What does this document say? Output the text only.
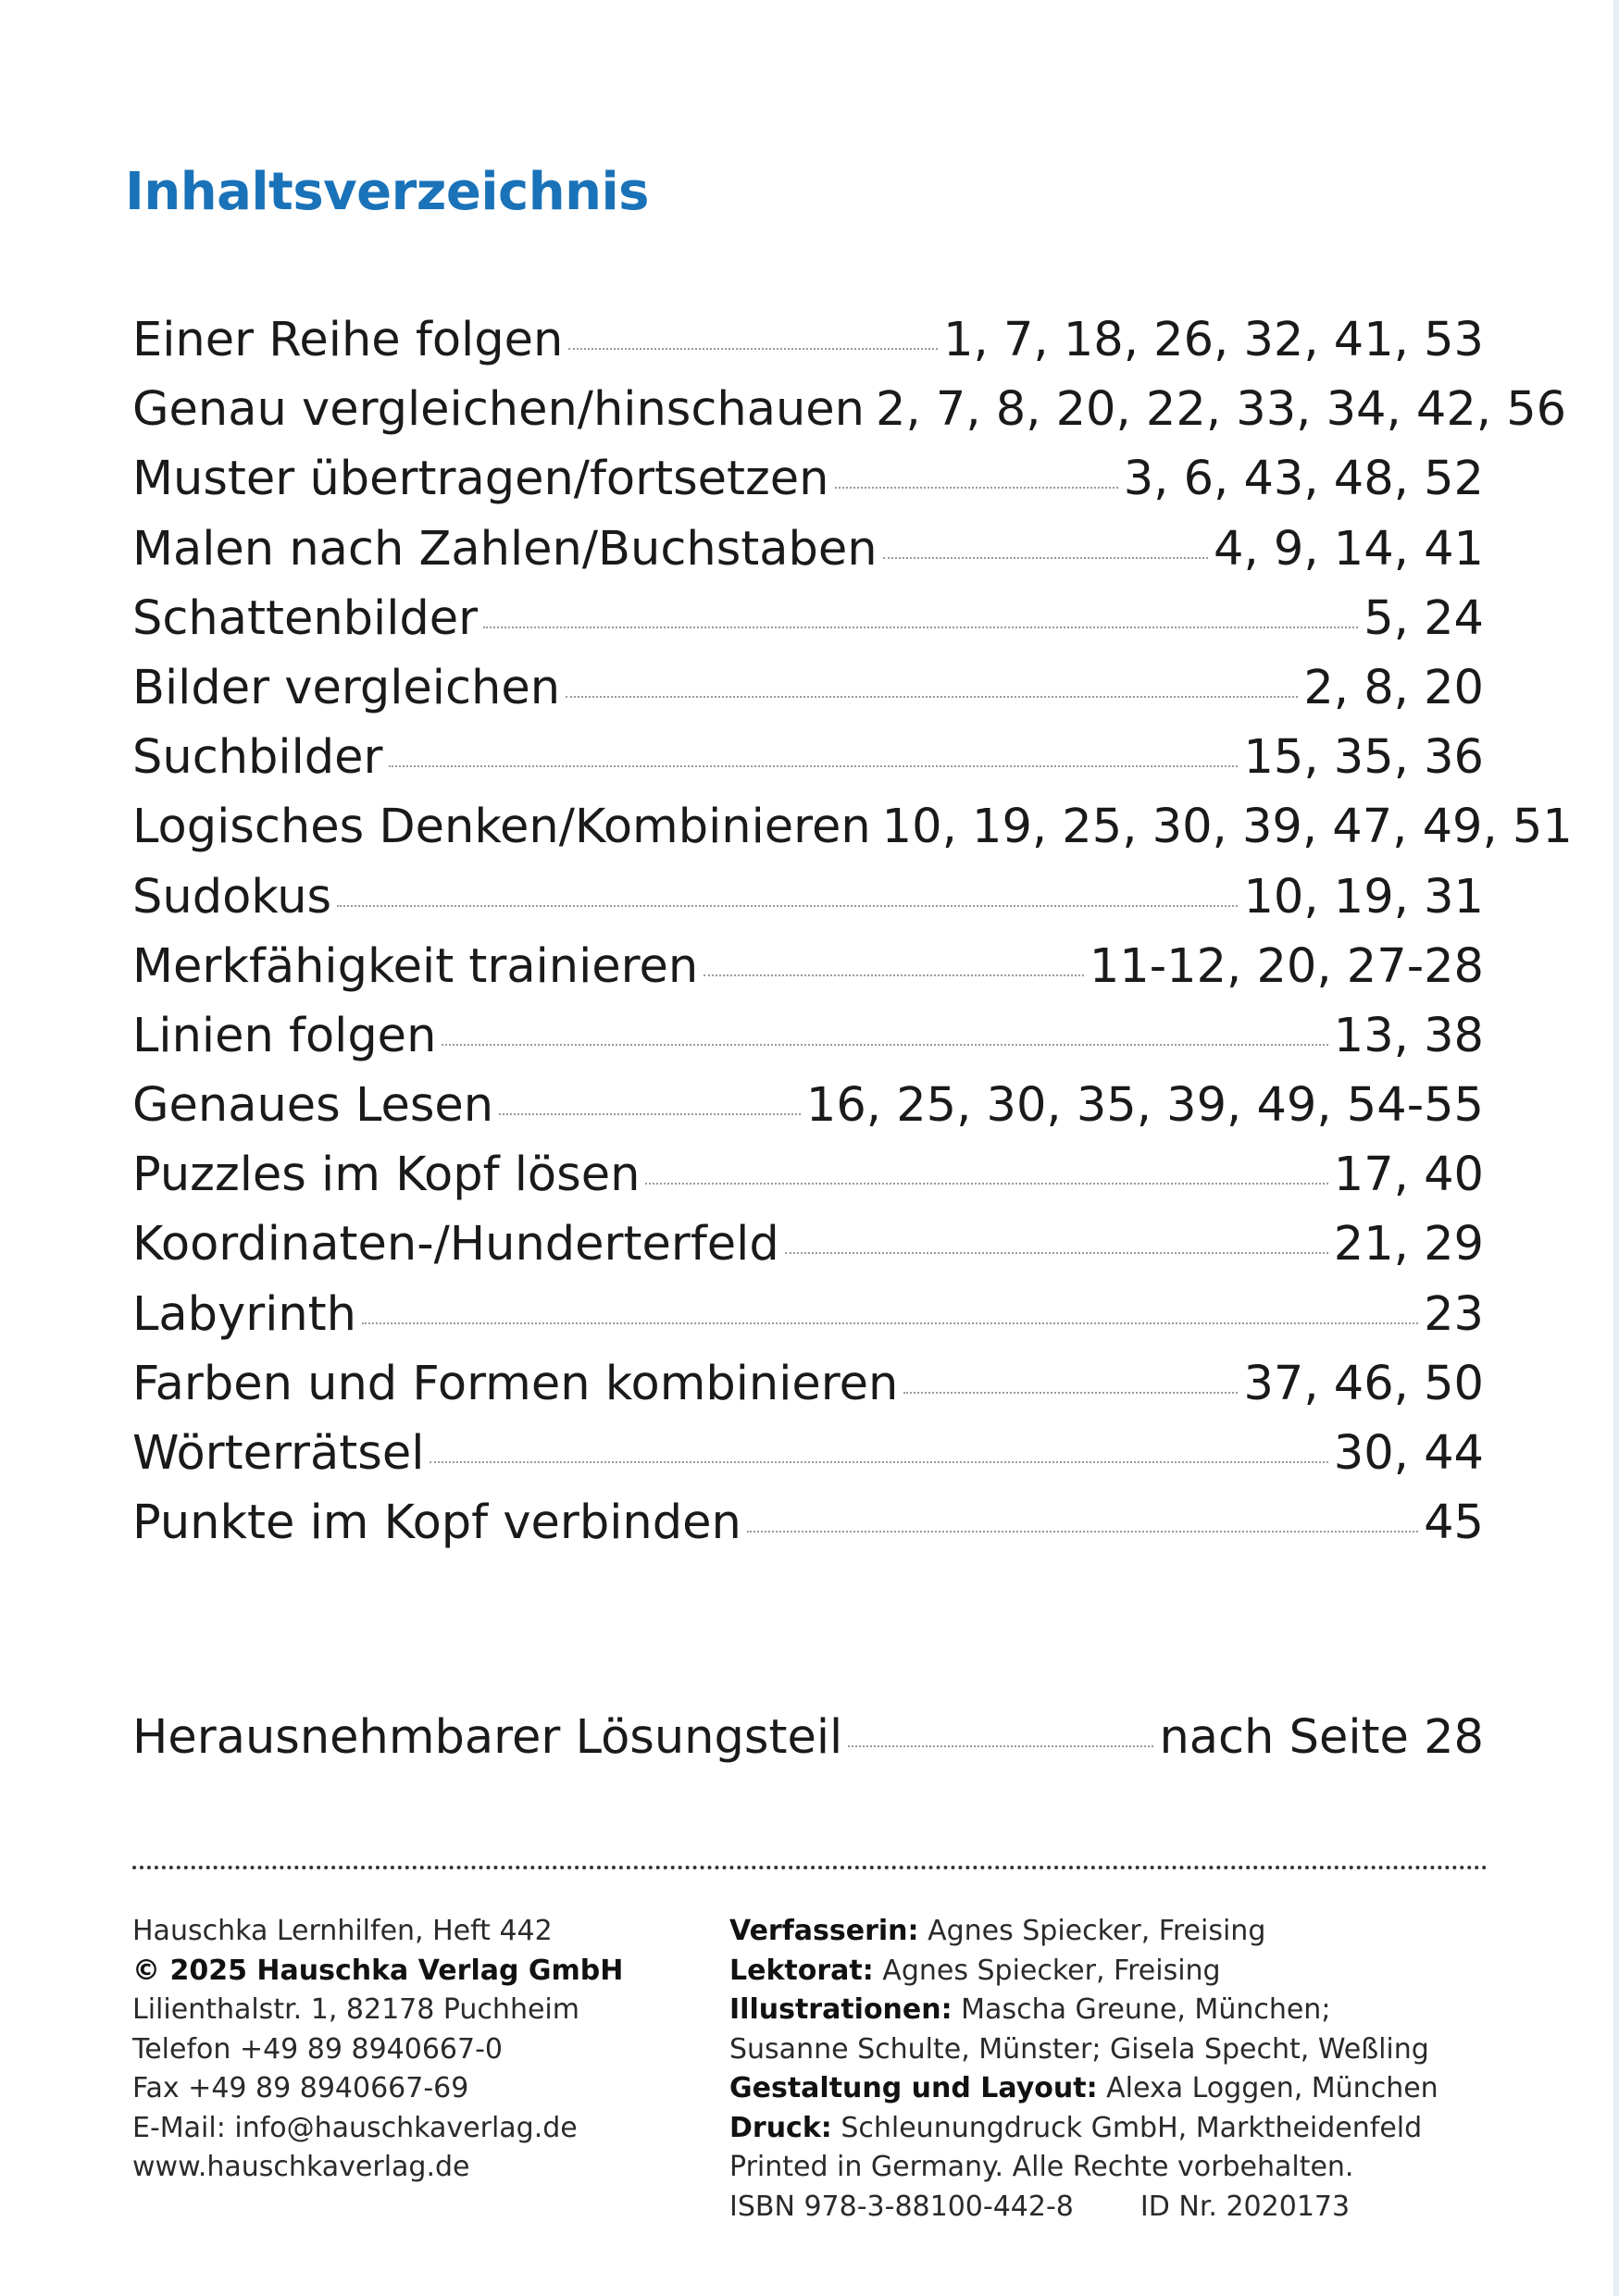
Inhaltsverzeichnis
Einer Reihe folgen	1, 7, 18, 26, 32, 41, 53
Genau vergleichen/hinschauen 2, 7, 8, 20, 22, 33, 34, 42, 56
Muster übertragen/fortsetzen	3, 6, 43, 48, 52
Malen nach Zahlen/Buchstaben	4, 9, 14, 41
Schattenbilder	5, 24
Bilder vergleichen	2, 8, 20
Suchbilder	15, 35, 36
Logisches Denken/Kombinieren 10, 19, 25, 30, 39, 47, 49, 51
Sudokus	10, 19, 31
Merkfähigkeit trainieren	11-12, 20, 27-28
Linien folgen	13, 38
Genaues Lesen	16, 25, 30, 35, 39, 49, 54-55
Puzzles im Kopf lösen	17, 40
Koordinaten-/Hunderterfeld	21, 29
Labyrinth	23
Farben und Formen kombinieren	37, 46, 50
Wörterrätsel	30, 44
Punkte im Kopf verbinden	45
Herausnehmbarer Lösungsteil	nach Seite 28
Hauschka Lernhilfen, Heft 442
© 2025 Hauschka Verlag GmbH
Lilienthalstr. 1, 82178 Puchheim
Telefon +49 89 8940667-0
Fax +49 89 8940667-69
E-Mail: info@hauschkaverlag.de
www.hauschkaverlag.de
Verfasserin: Agnes Spiecker, Freising
Lektorat: Agnes Spiecker, Freising
Illustrationen: Mascha Greune, München;
Susanne Schulte, Münster; Gisela Specht, Weßling
Gestaltung und Layout: Alexa Loggen, München
Druck: Schleunungdruck GmbH, Marktheidenfeld
Printed in Germany. Alle Rechte vorbehalten.
ISBN 978-3-88100-442-8 ID Nr. 2020173
